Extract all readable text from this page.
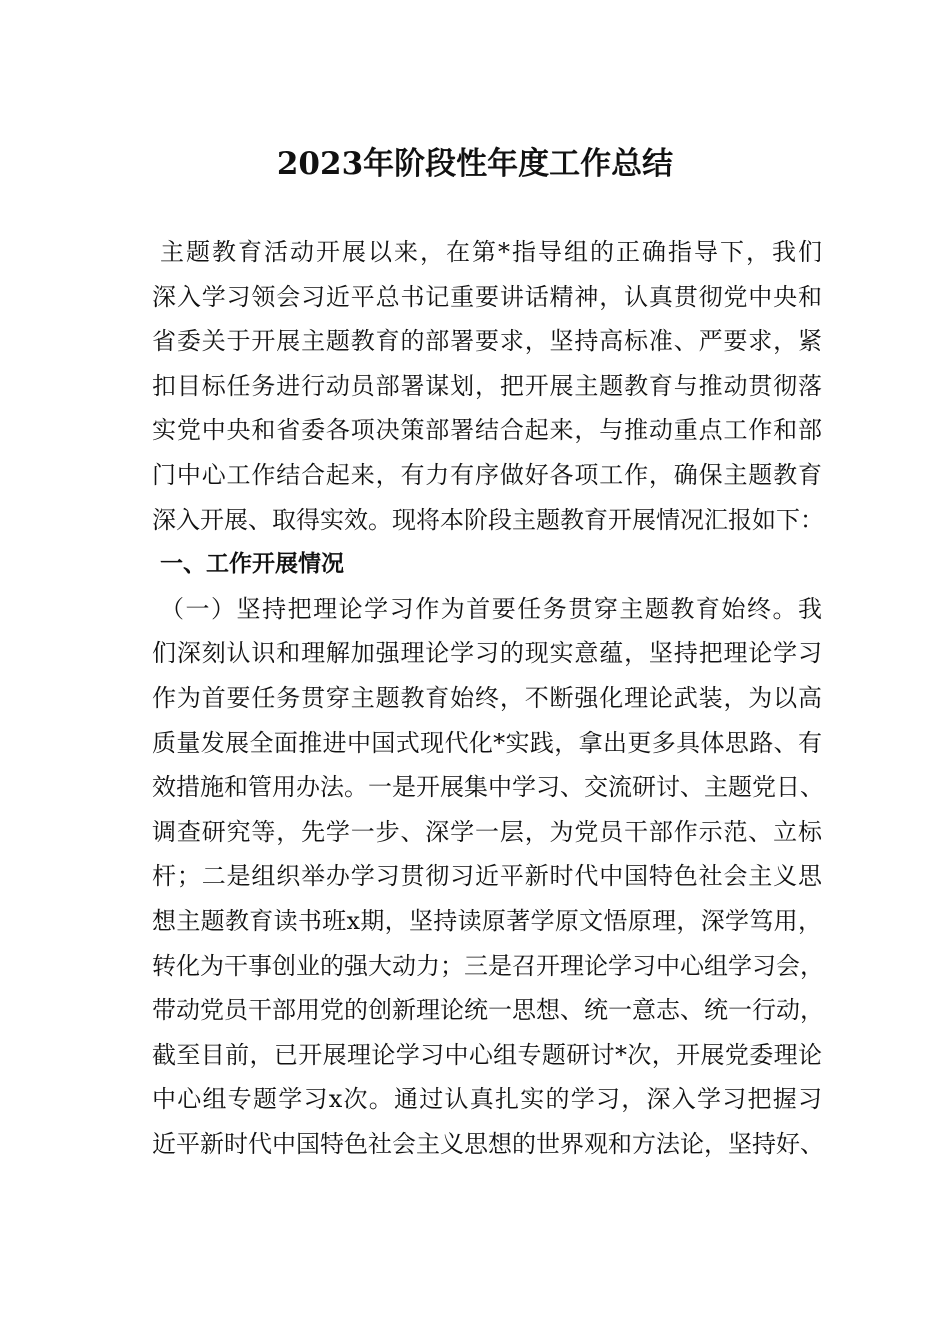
2023年阶段性年度工作总结
主题教育活动开展以来，在第*指导组的正确指导下，我们
深入学习领会习近平总书记重要讲话精神，认真贯彻党中央和
省委关于开展主题教育的部署要求，坚持高标准、严要求，紧
扣目标任务进行动员部署谋划，把开展主题教育与推动贯彻落
实党中央和省委各项决策部署结合起来，与推动重点工作和部
门中心工作结合起来，有力有序做好各项工作，确保主题教育
深入开展、取得实效。现将本阶段主题教育开展情况汇报如下：
一、工作开展情况
（一）坚持把理论学习作为首要任务贯穿主题教育始终。我
们深刻认识和理解加强理论学习的现实意蕴，坚持把理论学习
作为首要任务贯穿主题教育始终，不断强化理论武装，为以高
质量发展全面推进中国式现代化*实践，拿出更多具体思路、有
效措施和管用办法。一是开展集中学习、交流研讨、主题党日、
调查研究等，先学一步、深学一层，为党员干部作示范、立标
杆；二是组织举办学习贯彻习近平新时代中国特色社会主义思
想主题教育读书班x期，坚持读原著学原文悟原理，深学笃用，
转化为干事创业的强大动力；三是召开理论学习中心组学习会，
带动党员干部用党的创新理论统一思想、统一意志、统一行动，
截至目前，已开展理论学习中心组专题研讨*次，开展党委理论
中心组专题学习x次。通过认真扎实的学习，深入学习把握习
近平新时代中国特色社会主义思想的世界观和方法论，坚持好、
